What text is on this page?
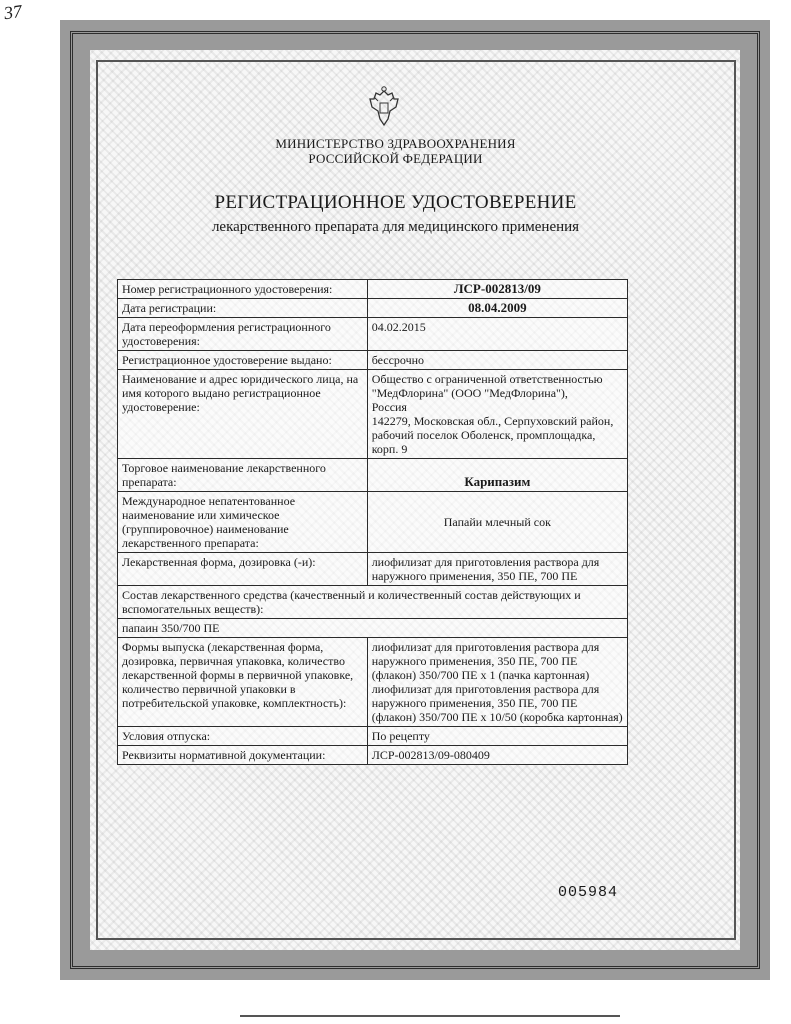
37
МИНИСТЕРСТВО ЗДРАВООХРАНЕНИЯ
РОССИЙСКОЙ ФЕДЕРАЦИИ
РЕГИСТРАЦИОННОЕ УДОСТОВЕРЕНИЕ
лекарственного препарата для медицинского применения
Номер регистрационного удостоверения:	ЛСР-002813/09
Дата регистрации:	08.04.2009
Дата переоформления регистрационного удостоверения:	04.02.2015
Регистрационное удостоверение выдано:	бессрочно
Наименование и адрес юридического лица, на имя которого выдано регистрационное удостоверение:	Общество с ограниченной ответственностью "МедФлорина" (ООО "МедФлорина"),
Россия
142279, Московская обл., Серпуховский район, рабочий поселок Оболенск, промплощадка, корп. 9

Торговое наименование лекарственного препарата:	Карипазим

Международное непатентованное наименование или химическое (группировочное) наименование лекарственного препарата:	Папайи млечный сок
Лекарственная форма, дозировка (-и):	лиофилизат для приготовления раствора для наружного применения, 350 ПЕ, 700 ПЕ

Состав лекарственного средства (качественный и количественный состав действующих и вспомогательных веществ):	

папаин 350/700 ПЕ	
Формы выпуска (лекарственная форма, дозировка, первичная упаковка, количество лекарственной формы в первичной упаковке, количество первичной упаковки в потребительской упаковке, комплектность):	лиофилизат для приготовления раствора для наружного применения, 350 ПЕ, 700 ПЕ (флакон) 350/700 ПЕ x 1 (пачка картонная)
лиофилизат для приготовления раствора для наружного применения, 350 ПЕ, 700 ПЕ (флакон) 350/700 ПЕ x 10/50 (коробка картонная)

Условия отпуска:	По рецепту
Реквизиты нормативной документации:	ЛСР-002813/09-080409
005984
